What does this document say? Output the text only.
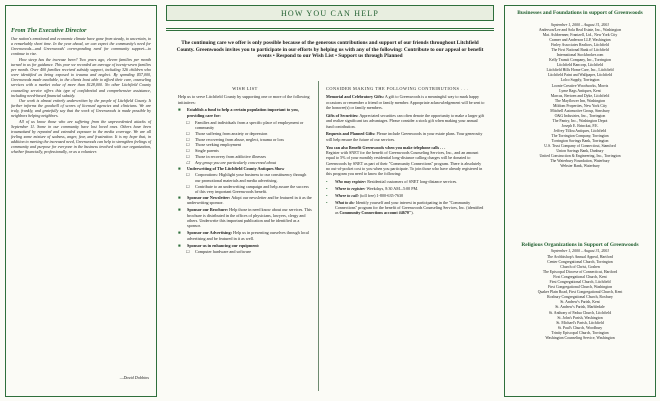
From The Executive Director

Our nation's emotional and economic climate have gone from steady, to uncertain, to a remarkably short time. In the year ahead, we can expect the community's need for Greenwoods—and Greenwoods' corresponding need for community support—to continue to rise.

How steep has the increase been? Two years ago, eleven families per month turned to us for guidance. This year we recorded an average of twenty-seven families per month. Over 400 families received subsidy support, including 326 children who were identified as being exposed to trauma and neglect. By spending $57,000, Greenwoods made available, to the clients least able to afford their care, counseling services with a market value of more than $128,000. No other Litchfield County counseling service offers this type of confidential and comprehensive assistance, including need-based financial subsidy.

Our work is almost entirely underwritten by the people of Litchfield County. It further informs the goodwill of scores of licensed agencies and clinicians. We are truly, frankly, and gratefully say that the work of Greenwoods is made possible by neighbors helping neighbors.

All of us know those who are suffering from the unprecedented attacks of September 11. Some in our community have lost loved ones. Others have been traumatized by repeated and extended exposure to the media coverage. We are all feeling some mixture of sadness, anger, fear, and frustration. It is my hope that, in addition to meeting the increased need, Greenwoods can help to strengthen feelings of community and purpose for everyone in the business involved with our organization, whether financially, professionally, or as a volunteer.

—David Dobbins
HOW YOU CAN HELP
The continuing care we offer is only possible because of the generous contributions and support of our friends throughout Litchfield County. Greenwoods invites you to participate in our efforts by helping us with any of the following: Contribute to our appeal or benefit events • Respond to our Wish List • Support us through Planned
WISH LIST
Help us to serve Litchfield County by supporting one or more of the following initiatives:
■ Establish a fund to help a certain population important to you, providing care for:
☐ Families and individuals from a specific place of employment or community
☐ Those suffering from anxiety or depression
☐ Those recovering from abuse, neglect, trauma or loss
☐ Those seeking employment
☐ Single parents
☐ Those in recovery from addictive illnesses
☐ Any group you are particularly concerned about
■ Underwriting of The Litchfield County Antiques Show
☐ Corporations: Highlight your business to our constituency through our promotional materials and media advertising.
☐ Contribute to an underwriting campaign and help assure the success of this very important Greenwoods benefit.
■ Sponsor our Newsletter: Adopt our newsletter and be featured in it as the underwriting sponsor.
■ Sponsor our Brochure: Help those in need know about our services. This brochure is distributed in the offices of physicians, lawyers, clergy and others. Underwrite this important publication and be identified as a sponsor.
■ Sponsor our Advertising: Help us in presenting ourselves through local advertising and be featured in it as well.
■ Sponsor us in enhancing our equipment:
☐ Computer hardware and software
CONSIDER MAKING THE FOLLOWING CONTRIBUTIONS . . .
Memorial and Celebratory Gifts: A gift to Greenwoods is a meaningful way to mark happy occasions or remember a friend or family member. Appropriate acknowledgement will be sent to the honoree(s) or family members.
Gifts of Securities: Appreciated securities can often denote the opportunity to make a larger gift and realize significant tax advantages. Please consider a stock gift when making your annual fund contribution.
Bequests and Planned Gifts: Please include Greenwoods in your estate plans. Your generosity will help ensure the future of our services.
You can also Benefit Greenwoods when you make telephone calls . . .
Register with SNET for the benefit of Greenwoods Counseling Services, Inc., and an amount equal to 5% of your monthly residential long-distance calling charges will be donated to Greenwoods by SNET as part of their "Community Connections" program. There is absolutely no out-of-pocket cost to you when you participate. To join those who have already registered in this program you need to know the following:
• Who may register: Residential customers of SNET long-distance services.
• Where to register: Weekdays, 8:30 AM.–5:00 PM.
• Where to call: (toll free) 1-800-635-7630
• What to do: Identify yourself and your interest in participating in the "Community Connections" program for the benefit of Greenwoods Counseling Services, Inc. (identified as Community Connections account #4670").
Businesses and Foundations in support of Greenwoods
September 1, 2000 – August 31, 2001
Anderson/Lee and Sola Real Estate, Inc., Washington
Mat. Ashbrenner, Frantzell, Ltd., New York City
Cramer and Anderson LLP, Washington
Finley Associates Realtors, Litchfield
The First National Bank of Litchfield
International Stockbroker.com
Kelly Transit Company, Inc., Torrington
Litchfield Bancorp, Litchfield
Litchfield Hills Home Care, Inc., Litchfield
Litchfield Paint and Wallpaper, Litchfield
Lolco Supply, Torrington
Loonie Creative Woodworks, Morris
Lyme Rags Antiques, Kent
Marcus, Bertoen and Dyke, Litchfield
The Mayflower Inn, Washington
Mildom Properties, New York City
Mitchell Automotive Group, Simsbury
O&G Industries, Inc., Torrington
The Pantry, Inc., Washington Depot
Joseph E. Brinckat, P.E.
Jeffrey Tillou Antiques, Litchfield
The Torrington Company, Torrington
Torrington Savings Bank, Torrington
U.S. Trust Company of Connecticut, Stamford
Union Savings Bank, Danbury
United Construction & Engineering, Inc., Torrington
The Waterbury Foundation, Waterbury
Webster Bank, Waterbury
Religious Organizations in Support of Greenwoods
September 1, 2000 – August 31, 2001
The Archbishop's Annual Appeal, Hartford
Center Congregational Church, Torrington
Church of Christ, Goshen
The Episcopal Diocese of Connecticut, Hartford
First Congregational Church, Kent
First Congregational Church, Litchfield
First Congregational Church, Washington
Quaker Plain Road, First Congregational Church, Kent
Roxbury Congregational Church, Roxbury
St. Andrew's Parish, Kent
St. Andrew's Parish, Marbledale
St. Anthony of Padua Church, Litchfield
St. John's Parish, Washington
St. Michael's Parish, Litchfield
St. Paul's Church, Woodbury
Trinity Episcopal Church, Torrington
Washington Counseling Service, Washington
